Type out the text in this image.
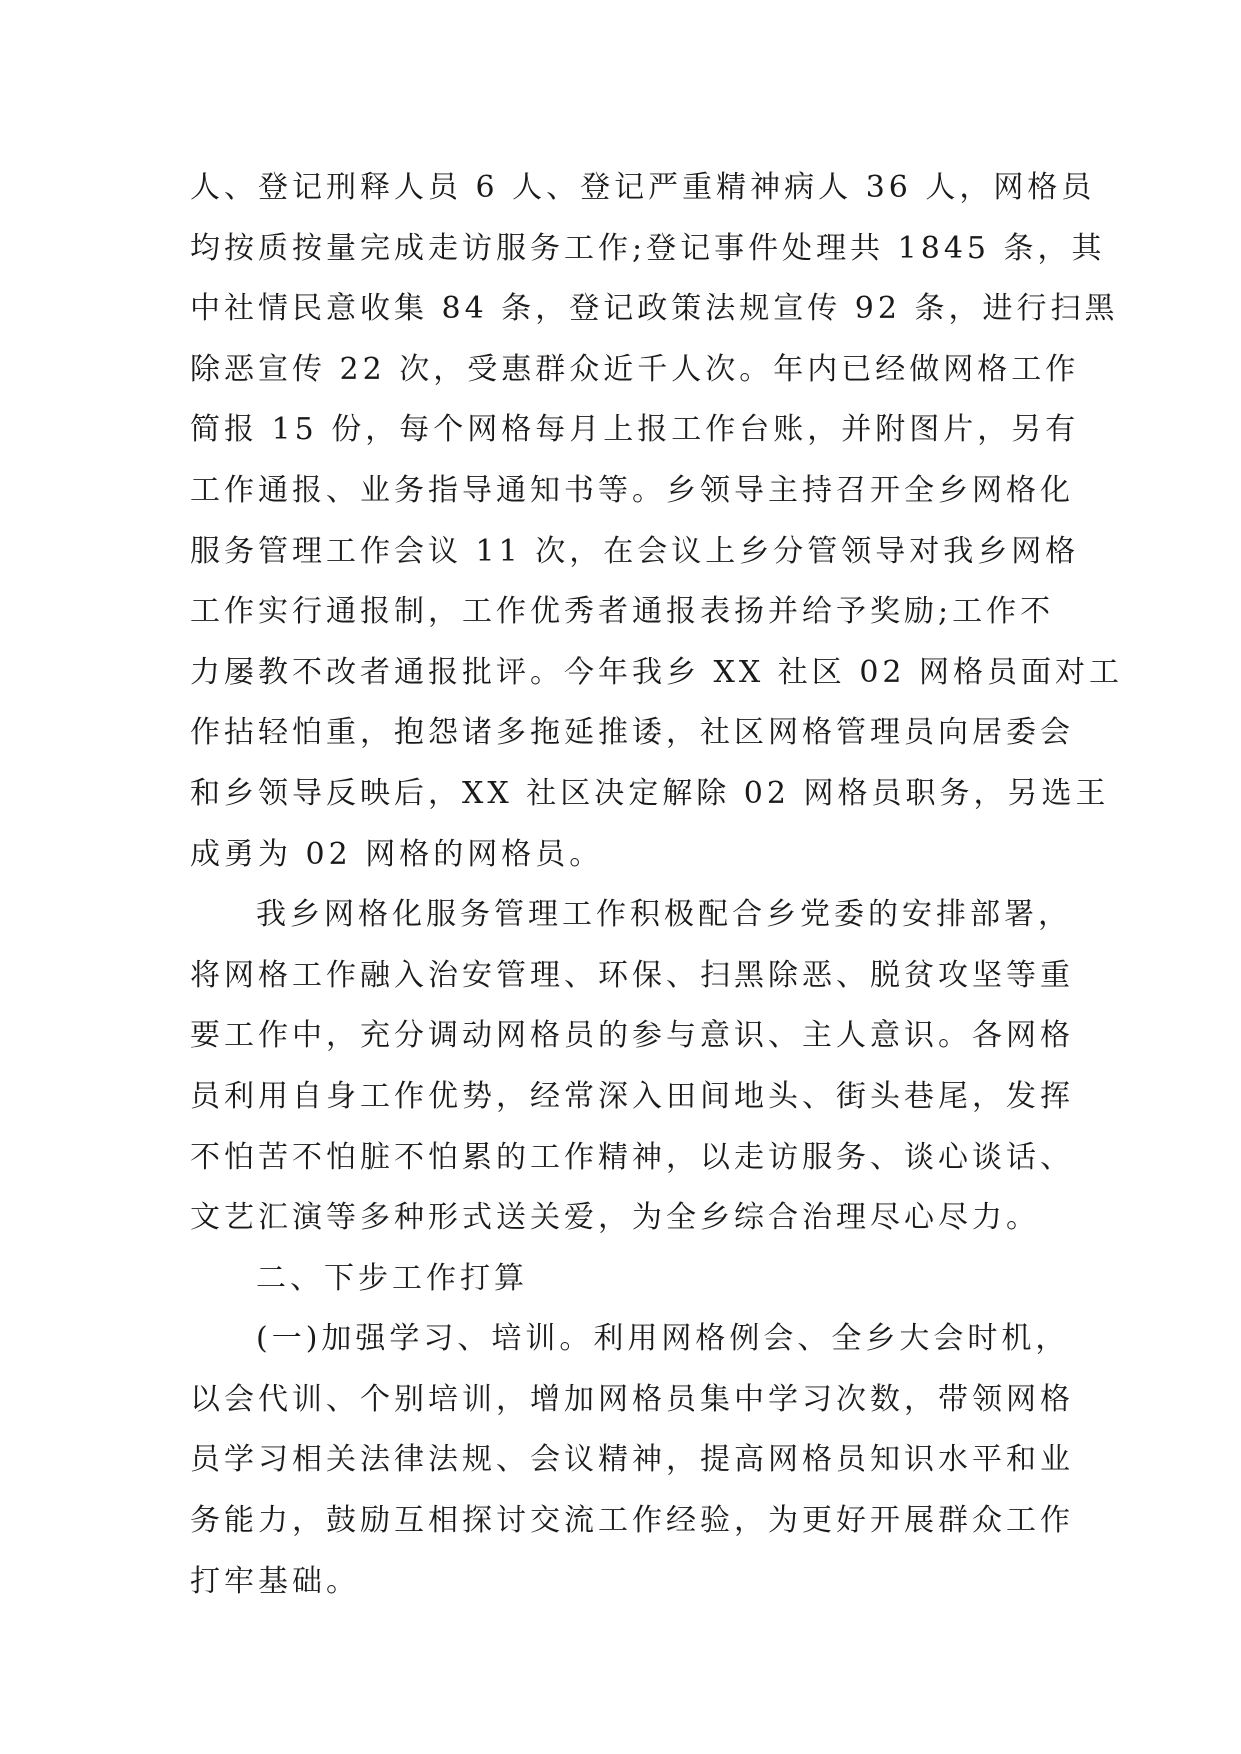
人、登记刑释人员 6 人、登记严重精神病人 36 人，网格员
均按质按量完成走访服务工作;登记事件处理共 1845 条，其
中社情民意收集 84 条，登记政策法规宣传 92 条，进行扫黑
除恶宣传 22 次，受惠群众近千人次。年内已经做网格工作
简报 15 份，每个网格每月上报工作台账，并附图片，另有
工作通报、业务指导通知书等。乡领导主持召开全乡网格化
服务管理工作会议 11 次，在会议上乡分管领导对我乡网格
工作实行通报制，工作优秀者通报表扬并给予奖励;工作不
力屡教不改者通报批评。今年我乡 XX 社区 02 网格员面对工
作拈轻怕重，抱怨诸多拖延推诿，社区网格管理员向居委会
和乡领导反映后，XX 社区决定解除 02 网格员职务，另选王
成勇为 02 网格的网格员。
我乡网格化服务管理工作积极配合乡党委的安排部署，
将网格工作融入治安管理、环保、扫黑除恶、脱贫攻坚等重
要工作中，充分调动网格员的参与意识、主人意识。各网格
员利用自身工作优势，经常深入田间地头、街头巷尾，发挥
不怕苦不怕脏不怕累的工作精神，以走访服务、谈心谈话、
文艺汇演等多种形式送关爱，为全乡综合治理尽心尽力。
二、下步工作打算
(一)加强学习、培训。利用网格例会、全乡大会时机，
以会代训、个别培训，增加网格员集中学习次数，带领网格
员学习相关法律法规、会议精神，提高网格员知识水平和业
务能力，鼓励互相探讨交流工作经验，为更好开展群众工作
打牢基础。
